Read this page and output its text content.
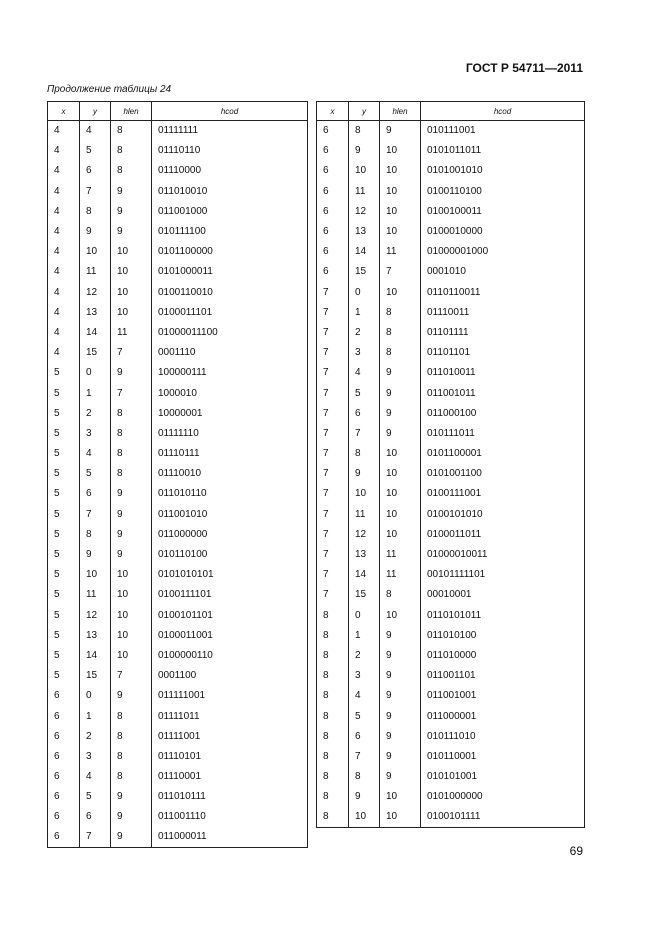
ГОСТ Р 54711—2011
Продолжение таблицы 24
x	y	hlen	hcod
4	4	8	01111111
4	5	8	01110110
4	6	8	01110000
4	7	9	011010010
4	8	9	011001000
4	9	9	010111100
4	10	10	0101100000
4	11	10	0101000011
4	12	10	0100110010
4	13	10	0100011101
4	14	11	01000011100
4	15	7	0001110
5	0	9	100000111
5	1	7	1000010
5	2	8	10000001
5	3	8	01111110
5	4	8	01110111
5	5	8	01110010
5	6	9	011010110
5	7	9	011001010
5	8	9	011000000
5	9	9	010110100
5	10	10	0101010101
5	11	10	0100111101
5	12	10	0100101101
5	13	10	0100011001
5	14	10	0100000110
5	15	7	0001100
6	0	9	011111001
6	1	8	01111011
6	2	8	01111001
6	3	8	01110101
6	4	8	01110001
6	5	9	011010111
6	6	9	011001110
6	7	9	011000011
x	y	hlen	hcod
6	8	9	010111001
6	9	10	0101011011
6	10	10	0101001010
6	11	10	0100110100
6	12	10	0100100011
6	13	10	0100010000
6	14	11	01000001000
6	15	7	0001010
7	0	10	0110110011
7	1	8	01110011
7	2	8	01101111
7	3	8	01101101
7	4	9	011010011
7	5	9	011001011
7	6	9	011000100
7	7	9	010111011
7	8	10	0101100001
7	9	10	0101001100
7	10	10	0100111001
7	11	10	0100101010
7	12	10	0100011011
7	13	11	01000010011
7	14	11	00101111101
7	15	8	00010001
8	0	10	0110101011
8	1	9	011010100
8	2	9	011010000
8	3	9	011001101
8	4	9	011001001
8	5	9	011000001
8	6	9	010111010
8	7	9	010110001
8	8	9	010101001
8	9	10	0101000000
8	10	10	0100101111
69
